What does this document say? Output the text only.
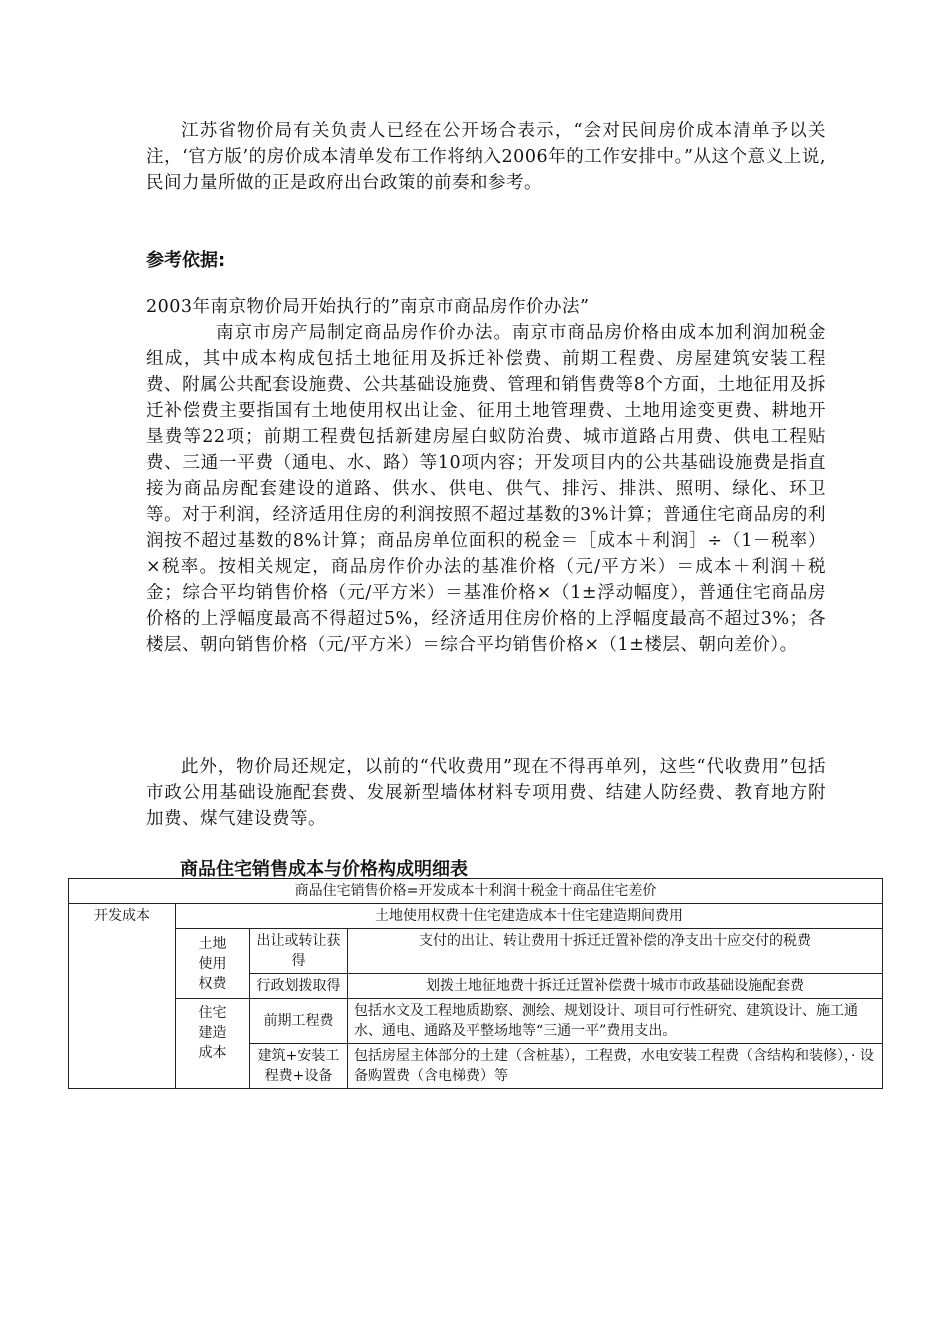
江苏省物价局有关负责人已经在公开场合表示，“会对民间房价成本清单予以关注，‘官方版’的房价成本清单发布工作将纳入2006年的工作安排中。”从这个意义上说,民间力量所做的正是政府出台政策的前奏和参考。

参考依据:

2003年南京物价局开始执行的”南京市商品房作价办法”

南京市房产局制定商品房作价办法。南京市商品房价格由成本加利润加税金组成，其中成本构成包括土地征用及拆迁补偿费、前期工程费、房屋建筑安装工程费、附属公共配套设施费、公共基础设施费、管理和销售费等8个方面，土地征用及拆迁补偿费主要指国有土地使用权出让金、征用土地管理费、土地用途变更费、耕地开垦费等22项；前期工程费包括新建房屋白蚁防治费、城市道路占用费、供电工程贴费、三通一平费（通电、水、路）等10项内容；开发项目内的公共基础设施费是指直接为商品房配套建设的道路、供水、供电、供气、排污、排洪、照明、绿化、环卫等。对于利润，经济适用住房的利润按照不超过基数的3%计算；普通住宅商品房的利润按不超过基数的8%计算；商品房单位面积的税金＝［成本＋利润］÷（1－税率）×税率。按相关规定，商品房作价办法的基准价格（元/平方米）＝成本＋利润＋税金；综合平均销售价格（元/平方米）＝基准价格×（1±浮动幅度），普通住宅商品房价格的上浮幅度最高不得超过5%，经济适用住房价格的上浮幅度最高不超过3%；各楼层、朝向销售价格（元/平方米）＝综合平均销售价格×（1±楼层、朝向差价）。

此外，物价局还规定，以前的“代收费用”现在不得再单列，这些“代收费用”包括市政公用基础设施配套费、发展新型墙体材料专项用费、结建人防经费、教育地方附加费、煤气建设费等。

商品住宅销售成本与价格构成明细表

商品住宅销售价格=开发成本十利润十税金十商品住宅差价			
开发成本	土地使用权费十住宅建造成本十住宅建造期间费用		
	土地使用权费	出让或转让获得	支付的出让、转让费用十拆迁迁置补偿的净支出十应交付的税费
		行政划拨取得	划拨土地征地费十拆迁迁置补偿费十城市市政基础设施配套费
	住宅建造成本	前期工程费	包括水文及工程地质勘察、测绘、规划设计、项目可行性研究、建筑设计、施工通水、通电、通路及平整场地等“三通一平”费用支出。
		建筑+安装工程费+设备	包括房屋主体部分的土建（含桩基），工程费，水电安装工程费（含结构和装修），· 设备购置费（含电梯费）等
